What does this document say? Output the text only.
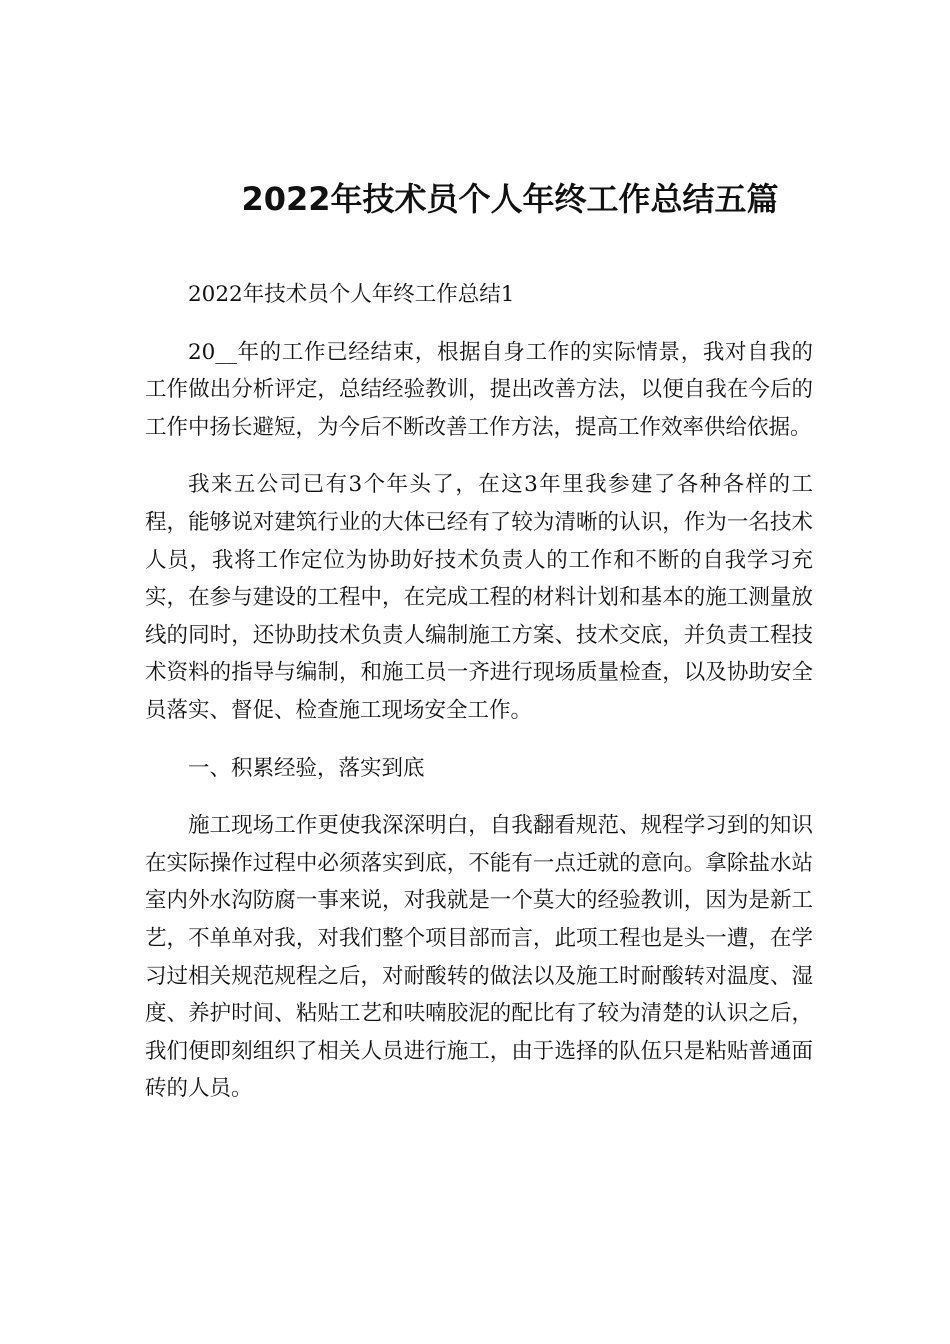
2022年技术员个人年终工作总结五篇

2022年技术员个人年终工作总结1

20__年的工作已经结束，根据自身工作的实际情景，我对自我的工作做出分析评定，总结经验教训，提出改善方法，以便自我在今后的工作中扬长避短，为今后不断改善工作方法，提高工作效率供给依据。

我来五公司已有3个年头了，在这3年里我参建了各种各样的工程，能够说对建筑行业的大体已经有了较为清晰的认识，作为一名技术人员，我将工作定位为协助好技术负责人的工作和不断的自我学习充实，在参与建设的工程中，在完成工程的材料计划和基本的施工测量放线的同时，还协助技术负责人编制施工方案、技术交底，并负责工程技术资料的指导与编制，和施工员一齐进行现场质量检查，以及协助安全员落实、督促、检查施工现场安全工作。

一、积累经验，落实到底

施工现场工作更使我深深明白，自我翻看规范、规程学习到的知识在实际操作过程中必须落实到底，不能有一点迁就的意向。拿除盐水站室内外水沟防腐一事来说，对我就是一个莫大的经验教训，因为是新工艺，不单单对我，对我们整个项目部而言，此项工程也是头一遭，在学习过相关规范规程之后，对耐酸转的做法以及施工时耐酸转对温度、湿度、养护时间、粘贴工艺和呋喃胶泥的配比有了较为清楚的认识之后，我们便即刻组织了相关人员进行施工，由于选择的队伍只是粘贴普通面砖的人员。
